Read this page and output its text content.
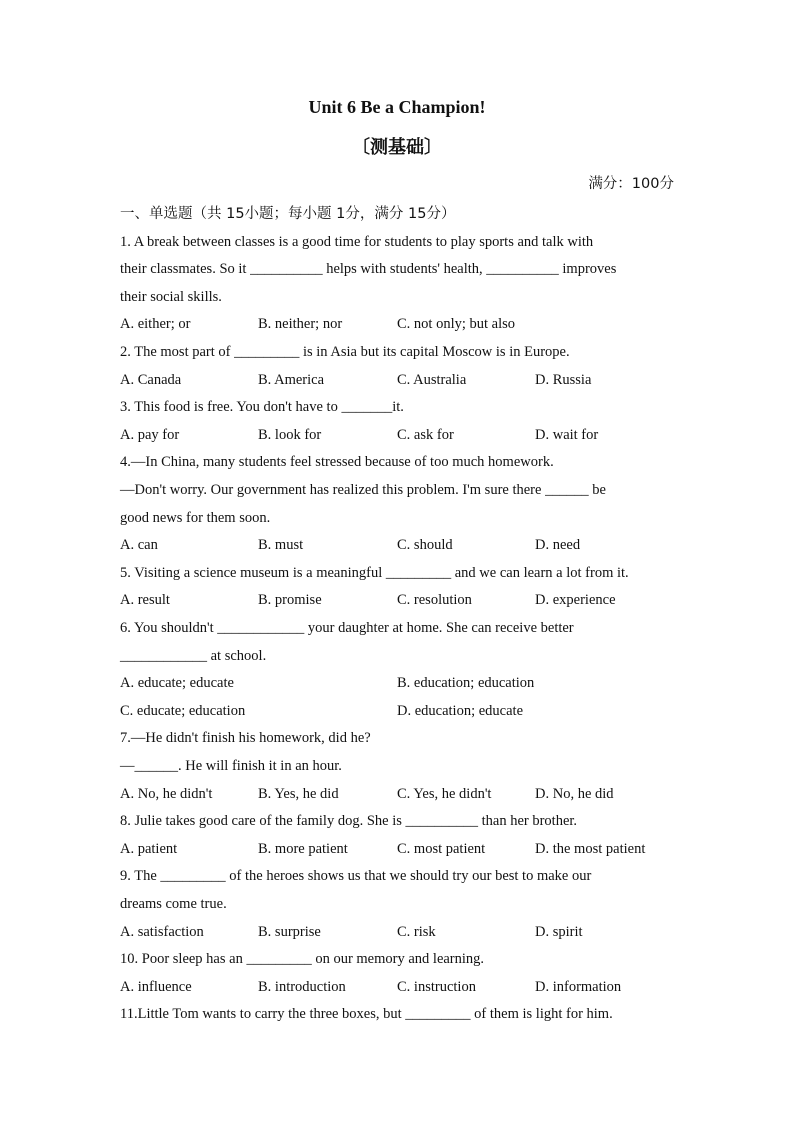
Unit 6 Be a Champion!
〔测基础〕
满分：100分
一、单选题（共 15小题；每小题 1分，满分 15分）
1. A break between classes is a good time for students to play sports and talk with
their classmates. So it __________ helps with students' health, __________ improves
their social skills.
A. either; or	B. neither; nor	C. not only; but also
2. The most part of _________ is in Asia but its capital Moscow is in Europe.
A. Canada	B. America	C. Australia	D. Russia
3. This food is free. You don't have to _______it.
A. pay for	B. look for	C. ask for	D. wait for
4.—In China, many students feel stressed because of too much homework.
—Don't worry. Our government has realized this problem. I'm sure there ______ be
good news for them soon.
A. can	B. must	C. should	D. need
5. Visiting a science museum is a meaningful _________ and we can learn a lot from it.
A. result	B. promise	C. resolution	D. experience
6. You shouldn't ____________ your daughter at home. She can receive better
____________ at school.
A. educate; educate	B. education; education
C. educate; education	D. education; educate
7.—He didn't finish his homework, did he?
—______. He will finish it in an hour.
A. No, he didn't	B. Yes, he did	C. Yes, he didn't	D. No, he did
8. Julie takes good care of the family dog. She is __________ than her brother.
A. patient	B. more patient	C. most patient	D. the most patient
9. The _________ of the heroes shows us that we should try our best to make our
dreams come true.
A. satisfaction	B. surprise	C. risk	D. spirit
10. Poor sleep has an _________ on our memory and learning.
A. influence	B. introduction	C. instruction	D. information
11.Little Tom wants to carry the three boxes, but _________ of them is light for him.
